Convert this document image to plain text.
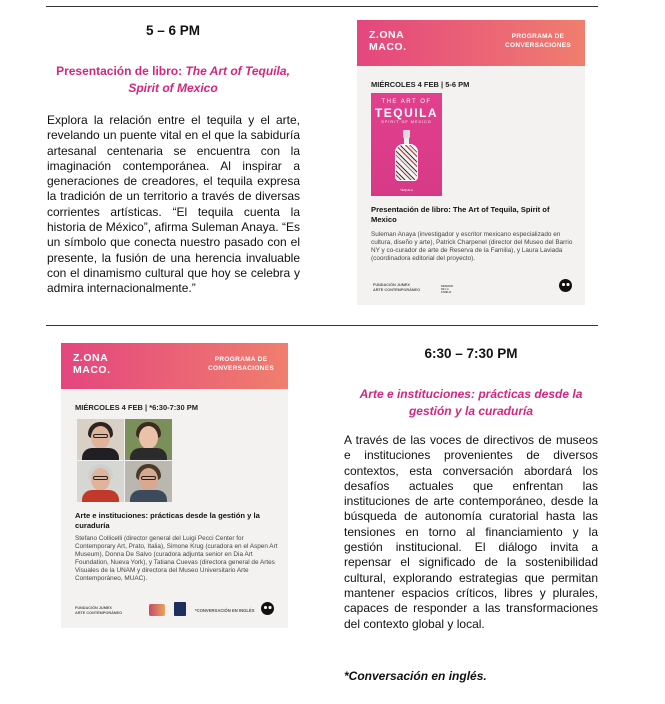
5 – 6 PM
Presentación de libro: The Art of Tequila,
Spirit of Mexico
Explora la relación entre el tequila y el arte, revelando un puente vital en el que la sabiduría artesanal centenaria se encuentra con la imaginación contemporánea. Al inspirar a generaciones de creadores, el tequila expresa la tradición de un territorio a través de diversas corrientes artísticas. “El tequila cuenta la historia de México”, afirma Suleman Anaya. “Es un símbolo que conecta nuestro pasado con el presente, la fusión de una herencia invaluable con el dinamismo cultural que hoy se celebra y admira internacionalmente.”
Z.ONA
MACO.
PROGRAMA DE
CONVERSACIONES
MIÉRCOLES 4 FEB | 5-6 PM
THE ART OF
TEQUILA
SPIRIT OF MEXICO
TEQUILA
Presentación de libro: The Art of Tequila, Spirit of Mexico
Suleman Anaya (investigador y escritor mexicano especializado en cultura, diseño y arte), Patrick Charpenel (director del Museo del Barrio NY y co-curador de arte de Reserva de la Familia), y Laura Laviada (coordinadora editorial del proyecto).
FUNDACIÓN JUMEX
ARTE CONTEMPORÁNEO
RESERVA DE LA FAMILIA
Z.ONA
MACO.
PROGRAMA DE
CONVERSACIONES
MIÉRCOLES 4 FEB | *6:30-7:30 PM
Arte e instituciones: prácticas desde la gestión y la curaduría
Stefano Collicelli (director general del Luigi Pecci Center for Contemporary Art, Prato, Italia), Simone Krug (curadora en el Aspen Art Museum), Donna De Salvo (curadora adjunta senior en Dia Art Foundation, Nueva York), y Tatiana Cuevas (directora general de Artes Visuales de la UNAM y directora del Museo Universitario Arte Contemporáneo, MUAC).
FUNDACIÓN JUMEX
ARTE CONTEMPORÁNEO	*CONVERSACIÓN EN INGLÉS
6:30 – 7:30 PM
Arte e instituciones: prácticas desde la
gestión y la curaduría
A través de las voces de directivos de museos e instituciones provenientes de diversos contextos, esta conversación abordará los desafíos actuales que enfrentan las instituciones de arte contemporáneo, desde la búsqueda de autonomía curatorial hasta las tensiones en torno al financiamiento y la gestión institucional. El diálogo invita a repensar el significado de la sostenibilidad cultural, explorando estrategias que permitan mantener espacios críticos, libres y plurales, capaces de responder a las transformaciones del contexto global y local.
*Conversación en inglés.
